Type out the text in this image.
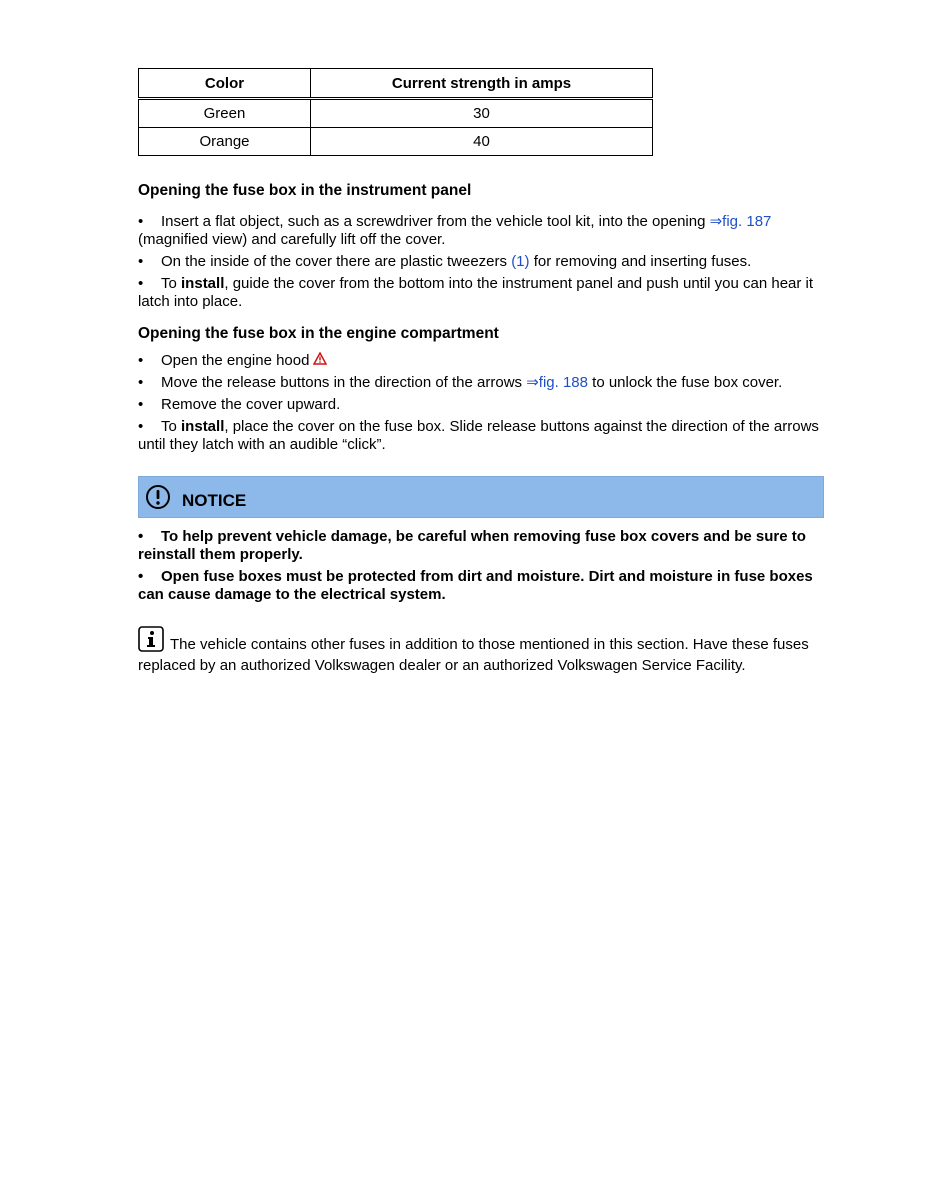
Color	Current strength in amps
Green	30
Orange	40
Opening the fuse box in the instrument panel
• Insert a flat object, such as a screwdriver from the vehicle tool kit, into the opening ⇒fig. 187 (magnified view) and carefully lift off the cover.
• On the inside of the cover there are plastic tweezers (1) for removing and inserting fuses.
• To install, guide the cover from the bottom into the instrument panel and push until you can hear it latch into place.
Opening the fuse box in the engine compartment
• Open the engine hood
• Move the release buttons in the direction of the arrows ⇒fig. 188 to unlock the fuse box cover.
• Remove the cover upward.
• To install, place the cover on the fuse box. Slide release buttons against the direction of the arrows until they latch with an audible “click”.
NOTICE
• To help prevent vehicle damage, be careful when removing fuse box covers and be sure to reinstall them properly.
• Open fuse boxes must be protected from dirt and moisture. Dirt and moisture in fuse boxes can cause damage to the electrical system.
The vehicle contains other fuses in addition to those mentioned in this section. Have these fuses replaced by an authorized Volkswagen dealer or an authorized Volkswagen Service Facility.
